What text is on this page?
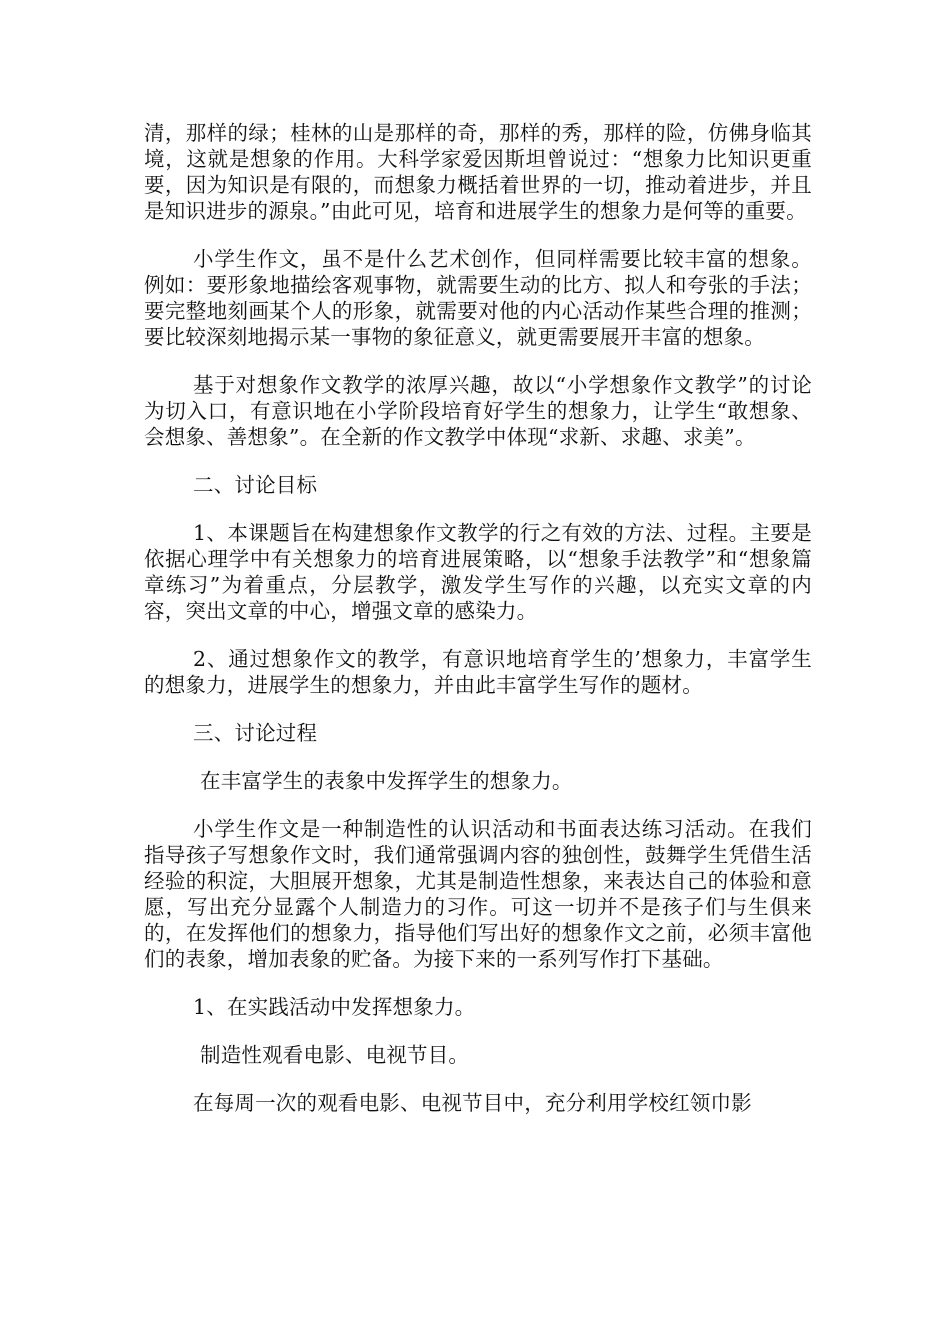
清，那样的绿；桂林的山是那样的奇，那样的秀，那样的险，仿佛身临其境，这就是想象的作用。大科学家爱因斯坦曾说过：“想象力比知识更重要，因为知识是有限的，而想象力概括着世界的一切，推动着进步，并且是知识进步的源泉。”由此可见，培育和进展学生的想象力是何等的重要。

小学生作文，虽不是什么艺术创作，但同样需要比较丰富的想象。例如：要形象地描绘客观事物，就需要生动的比方、拟人和夸张的手法；要完整地刻画某个人的形象，就需要对他的内心活动作某些合理的推测；要比较深刻地揭示某一事物的象征意义，就更需要展开丰富的想象。

基于对想象作文教学的浓厚兴趣，故以“小学想象作文教学”的讨论为切入口，有意识地在小学阶段培育好学生的想象力，让学生“敢想象、会想象、善想象”。在全新的作文教学中体现“求新、求趣、求美”。

二、讨论目标

1、本课题旨在构建想象作文教学的行之有效的方法、过程。主要是依据心理学中有关想象力的培育进展策略，以“想象手法教学”和“想象篇章练习”为着重点，分层教学，激发学生写作的兴趣，以充实文章的内容，突出文章的中心，增强文章的感染力。

2、通过想象作文的教学，有意识地培育学生的’想象力，丰富学生的想象力，进展学生的想象力，并由此丰富学生写作的题材。

三、讨论过程

在丰富学生的表象中发挥学生的想象力。

小学生作文是一种制造性的认识活动和书面表达练习活动。在我们指导孩子写想象作文时，我们通常强调内容的独创性，鼓舞学生凭借生活经验的积淀，大胆展开想象，尤其是制造性想象，来表达自己的体验和意愿，写出充分显露个人制造力的习作。可这一切并不是孩子们与生俱来的，在发挥他们的想象力，指导他们写出好的想象作文之前，必须丰富他们的表象，增加表象的贮备。为接下来的一系列写作打下基础。

1、在实践活动中发挥想象力。

制造性观看电影、电视节目。

在每周一次的观看电影、电视节目中，充分利用学校红领巾影
